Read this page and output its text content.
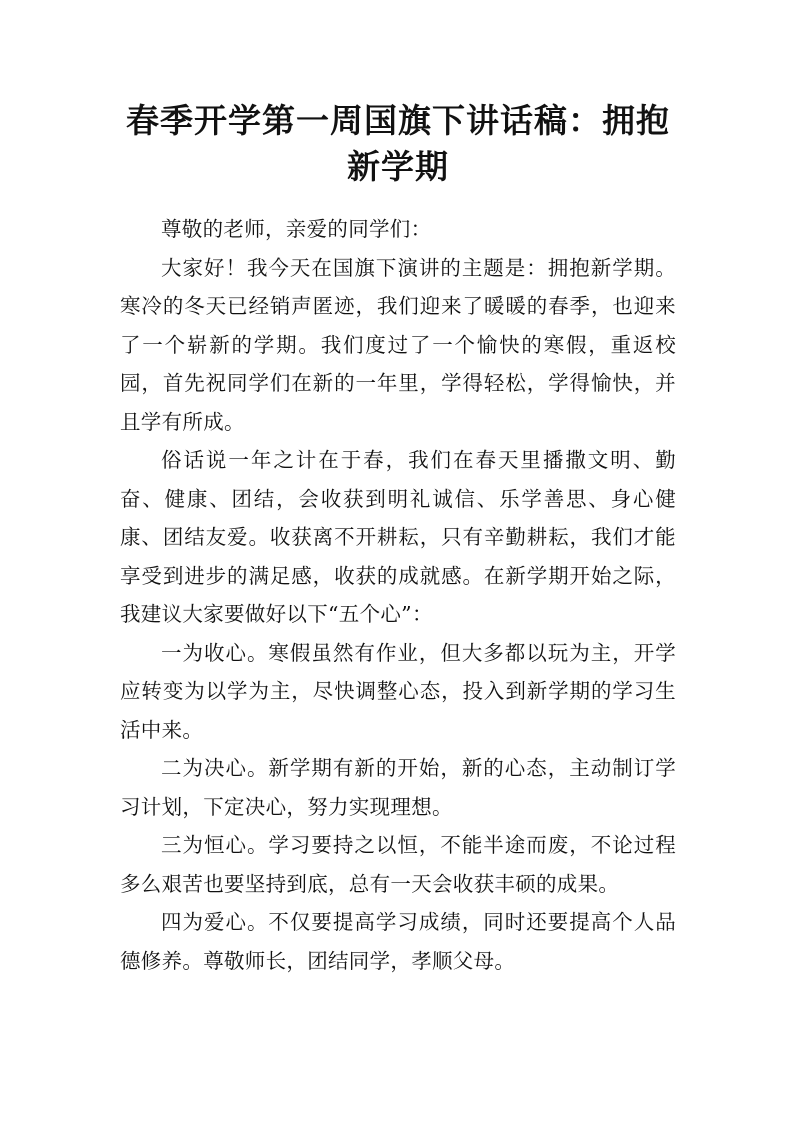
春季开学第一周国旗下讲话稿：拥抱新学期

尊敬的老师，亲爱的同学们：

大家好！我今天在国旗下演讲的主题是：拥抱新学期。寒冷的冬天已经销声匿迹，我们迎来了暖暖的春季，也迎来了一个崭新的学期。我们度过了一个愉快的寒假，重返校园，首先祝同学们在新的一年里，学得轻松，学得愉快，并且学有所成。

俗话说一年之计在于春，我们在春天里播撒文明、勤奋、健康、团结，会收获到明礼诚信、乐学善思、身心健康、团结友爱。收获离不开耕耘，只有辛勤耕耘，我们才能享受到进步的满足感，收获的成就感。在新学期开始之际，我建议大家要做好以下“五个心”：

一为收心。寒假虽然有作业，但大多都以玩为主，开学应转变为以学为主，尽快调整心态，投入到新学期的学习生活中来。

二为决心。新学期有新的开始，新的心态，主动制订学习计划，下定决心，努力实现理想。

三为恒心。学习要持之以恒，不能半途而废，不论过程多么艰苦也要坚持到底，总有一天会收获丰硕的成果。

四为爱心。不仅要提高学习成绩，同时还要提高个人品德修养。尊敬师长，团结同学，孝顺父母。
